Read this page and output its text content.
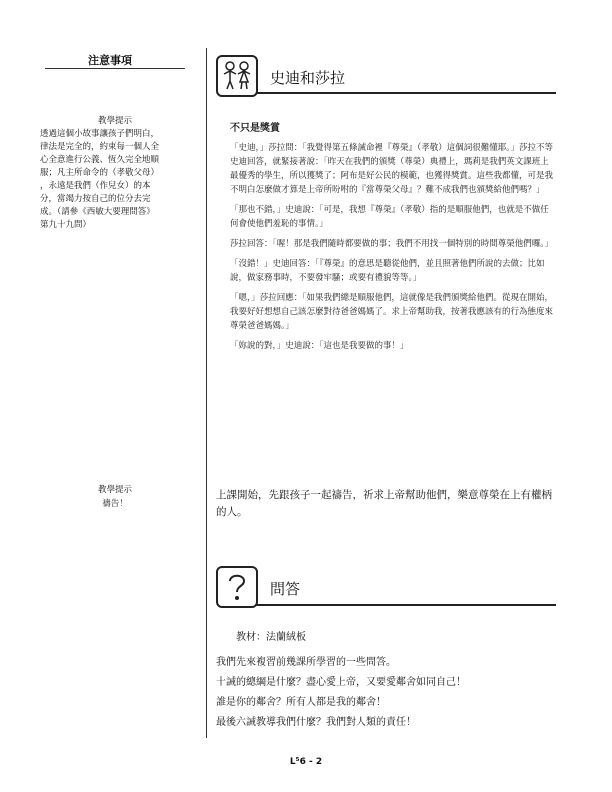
注意事項
教學提示
透過這個小故事讓孩子們明白，
律法是完全的，約束每一個人全
心全意進行公義、恆久完全地順
服；凡主所命令的（孝敬父母）
，永遠是我們（作兒女）的本
分，當竭力按自己的位分去完
成。（請參《西敏大要理問答》
第九十九問）
教學提示
禱告！
史迪和莎拉
不只是獎賞

「史迪，」莎拉問：「我覺得第五條誡命裡『尊榮』（孝敬）這個詞很難懂耶。」莎拉不等史迪回答，就緊接著說：「昨天在我們的頒獎（尊榮）典禮上，瑪莉是我們英文課班上最優秀的學生，所以獲獎了；阿布是好公民的模範，也獲得獎賞。這些我都懂，可是我不明白怎麼做才算是上帝所吩咐的『當尊榮父母』？難不成我們也頒獎給他們嗎？」

「那也不錯，」史迪說：「可是，我想『尊榮』（孝敬）指的是順服他們，也就是不做任何會使他們羞恥的事情。」

莎拉回答：「喔！那是我們隨時都要做的事；我們不用找一個特別的時間尊榮他們囉。」

「沒錯！」史迪回答：「『尊榮』的意思是聽從他們，並且照著他們所說的去做；比如說，做家務事時，不要發牢騷；或要有禮貌等等。」

「嗯，」莎拉回應：「如果我們總是順服他們，這就像是我們頒獎給他們。從現在開始，我要好好想想自己該怎麼對待爸爸媽媽了。求上帝幫助我，按著我應該有的行為態度來尊榮爸爸媽媽。」

「妳說的對，」史迪說：「這也是我要做的事！」

上課開始，先跟孩子一起禱告，祈求上帝幫助他們，樂意尊榮在上有權柄的人。
問答
教材：法蘭絨板

我們先來複習前幾課所學習的一些問答。

十誡的總綱是什麼？盡心愛上帝，又要愛鄰舍如同自己！

誰是你的鄰舍？所有人都是我的鄰舍！

最後六誡教導我們什麼？我們對人類的責任！

L⁵6 - 2
